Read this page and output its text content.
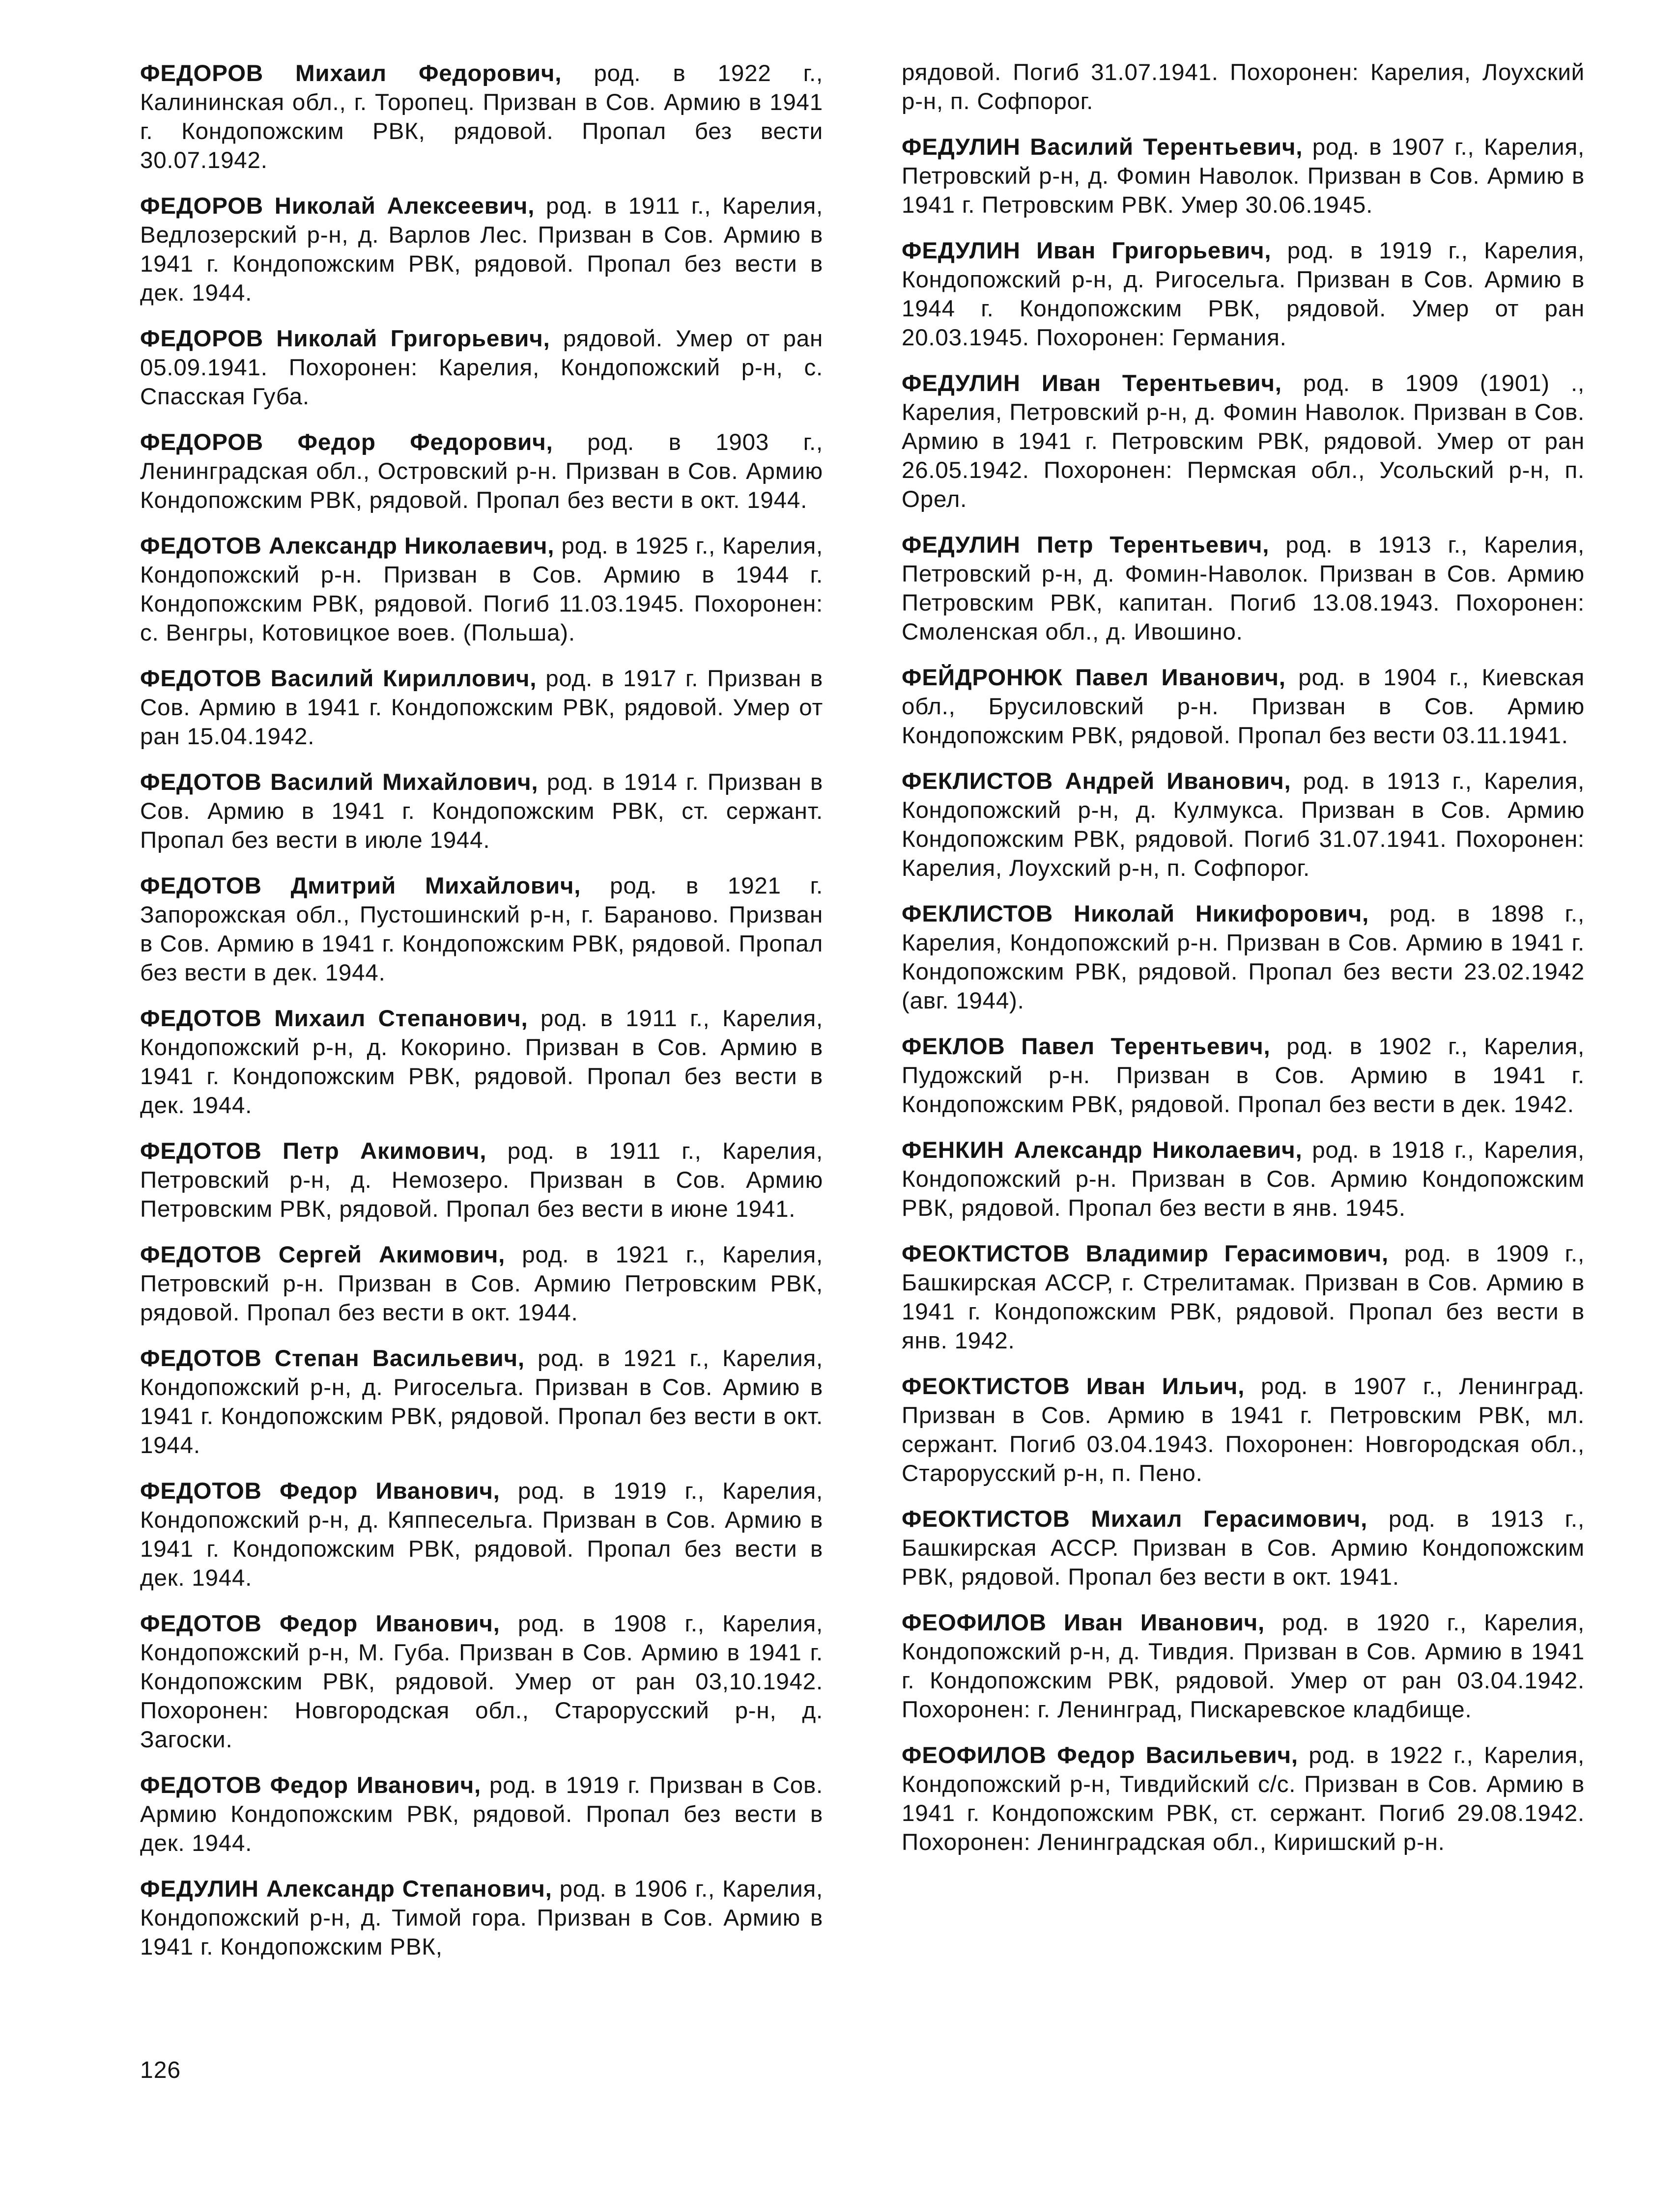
ФЕДОРОВ Михаил Федорович, род. в 1922 г., Калининская обл., г. Торопец. Призван в Сов. Армию в 1941 г. Кондопожским РВК, рядовой. Пропал без вести 30.07.1942.

ФЕДОРОВ Николай Алексеевич, род. в 1911 г., Карелия, Ведлозерский р-н, д. Варлов Лес. Призван в Сов. Армию в 1941 г. Кондопожским РВК, рядовой. Пропал без вести в дек. 1944.

ФЕДОРОВ Николай Григорьевич, рядовой. Умер от ран 05.09.1941. Похоронен: Карелия, Кондопожский р-н, с. Спасская Губа.

ФЕДОРОВ Федор Федорович, род. в 1903 г., Ленинградская обл., Островский р-н. Призван в Сов. Армию Кондопожским РВК, рядовой. Пропал без вести в окт. 1944.

ФЕДОТОВ Александр Николаевич, род. в 1925 г., Карелия, Кондопожский р-н. Призван в Сов. Армию в 1944 г. Кондопожским РВК, рядовой. Погиб 11.03.1945. Похоронен: с. Венгры, Котовицкое воев. (Польша).

ФЕДОТОВ Василий Кириллович, род. в 1917 г. Призван в Сов. Армию в 1941 г. Кондопожским РВК, рядовой. Умер от ран 15.04.1942.

ФЕДОТОВ Василий Михайлович, род. в 1914 г. Призван в Сов. Армию в 1941 г. Кондопожским РВК, ст. сержант. Пропал без вести в июле 1944.

ФЕДОТОВ Дмитрий Михайлович, род. в 1921 г. Запорожская обл., Пустошинский р-н, г. Бараново. Призван в Сов. Армию в 1941 г. Кондопожским РВК, рядовой. Пропал без вести в дек. 1944.

ФЕДОТОВ Михаил Степанович, род. в 1911 г., Карелия, Кондопожский р-н, д. Кокорино. Призван в Сов. Армию в 1941 г. Кондопожским РВК, рядовой. Пропал без вести в дек. 1944.

ФЕДОТОВ Петр Акимович, род. в 1911 г., Карелия, Петровский р-н, д. Немозеро. Призван в Сов. Армию Петровским РВК, рядовой. Пропал без вести в июне 1941.

ФЕДОТОВ Сергей Акимович, род. в 1921 г., Карелия, Петровский р-н. Призван в Сов. Армию Петровским РВК, рядовой. Пропал без вести в окт. 1944.

ФЕДОТОВ Степан Васильевич, род. в 1921 г., Карелия, Кондопожский р-н, д. Ригосельга. Призван в Сов. Армию в 1941 г. Кондопожским РВК, рядовой. Пропал без вести в окт. 1944.

ФЕДОТОВ Федор Иванович, род. в 1919 г., Карелия, Кондопожский р-н, д. Кяппесельга. Призван в Сов. Армию в 1941 г. Кондопожским РВК, рядовой. Пропал без вести в дек. 1944.

ФЕДОТОВ Федор Иванович, род. в 1908 г., Карелия, Кондопожский р-н, М. Губа. Призван в Сов. Армию в 1941 г. Кондопожским РВК, рядовой. Умер от ран 03,10.1942. Похоронен: Новгородская обл., Старорусский р-н, д. Загоски.

ФЕДОТОВ Федор Иванович, род. в 1919 г. Призван в Сов. Армию Кондопожским РВК, рядовой. Пропал без вести в дек. 1944.

ФЕДУЛИН Александр Степанович, род. в 1906 г., Карелия, Кондопожский р-н, д. Тимой гора. Призван в Сов. Армию в 1941 г. Кондопожским РВК,

рядовой. Погиб 31.07.1941. Похоронен: Карелия, Лоухский р-н, п. Софпорог.

ФЕДУЛИН Василий Терентьевич, род. в 1907 г., Карелия, Петровский р-н, д. Фомин Наволок. Призван в Сов. Армию в 1941 г. Петровским РВК. Умер 30.06.1945.

ФЕДУЛИН Иван Григорьевич, род. в 1919 г., Карелия, Кондопожский р-н, д. Ригосельга. Призван в Сов. Армию в 1944 г. Кондопожским РВК, рядовой. Умер от ран 20.03.1945. Похоронен: Германия.

ФЕДУЛИН Иван Терентьевич, род. в 1909 (1901) ., Карелия, Петровский р-н, д. Фомин Наволок. Призван в Сов. Армию в 1941 г. Петровским РВК, рядовой. Умер от ран 26.05.1942. Похоронен: Пермская обл., Усольский р-н, п. Орел.

ФЕДУЛИН Петр Терентьевич, род. в 1913 г., Карелия, Петровский р-н, д. Фомин-Наволок. Призван в Сов. Армию Петровским РВК, капитан. Погиб 13.08.1943. Похоронен: Смоленская обл., д. Ивошино.

ФЕЙДРОНЮК Павел Иванович, род. в 1904 г., Киевская обл., Брусиловский р-н. Призван в Сов. Армию Кондопожским РВК, рядовой. Пропал без вести 03.11.1941.

ФЕКЛИСТОВ Андрей Иванович, род. в 1913 г., Карелия, Кондопожский р-н, д. Кулмукса. Призван в Сов. Армию Кондопожским РВК, рядовой. Погиб 31.07.1941. Похоронен: Карелия, Лоухский р-н, п. Софпорог.

ФЕКЛИСТОВ Николай Никифорович, род. в 1898 г., Карелия, Кондопожский р-н. Призван в Сов. Армию в 1941 г. Кондопожским РВК, рядовой. Пропал без вести 23.02.1942 (авг. 1944).

ФЕКЛОВ Павел Терентьевич, род. в 1902 г., Карелия, Пудожский р-н. Призван в Сов. Армию в 1941 г. Кондопожским РВК, рядовой. Пропал без вести в дек. 1942.

ФЕНКИН Александр Николаевич, род. в 1918 г., Карелия, Кондопожский р-н. Призван в Сов. Армию Кондопожским РВК, рядовой. Пропал без вести в янв. 1945.

ФЕОКТИСТОВ Владимир Герасимович, род. в 1909 г., Башкирская АССР, г. Стрелитамак. Призван в Сов. Армию в 1941 г. Кондопожским РВК, рядовой. Пропал без вести в янв. 1942.

ФЕОКТИСТОВ Иван Ильич, род. в 1907 г., Ленинград. Призван в Сов. Армию в 1941 г. Петровским РВК, мл. сержант. Погиб 03.04.1943. Похоронен: Новгородская обл., Старорусский р-н, п. Пено.

ФЕОКТИСТОВ Михаил Герасимович, род. в 1913 г., Башкирская АССР. Призван в Сов. Армию Кондопожским РВК, рядовой. Пропал без вести в окт. 1941.

ФЕОФИЛОВ Иван Иванович, род. в 1920 г., Карелия, Кондопожский р-н, д. Тивдия. Призван в Сов. Армию в 1941 г. Кондопожским РВК, рядовой. Умер от ран 03.04.1942. Похоронен: г. Ленинград, Пискаревское кладбище.

ФЕОФИЛОВ Федор Васильевич, род. в 1922 г., Карелия, Кондопожский р-н, Тивдийский с/с. Призван в Сов. Армию в 1941 г. Кондопожским РВК, ст. сержант. Погиб 29.08.1942. Похоронен: Ленинградская обл., Киришский р-н.

126
